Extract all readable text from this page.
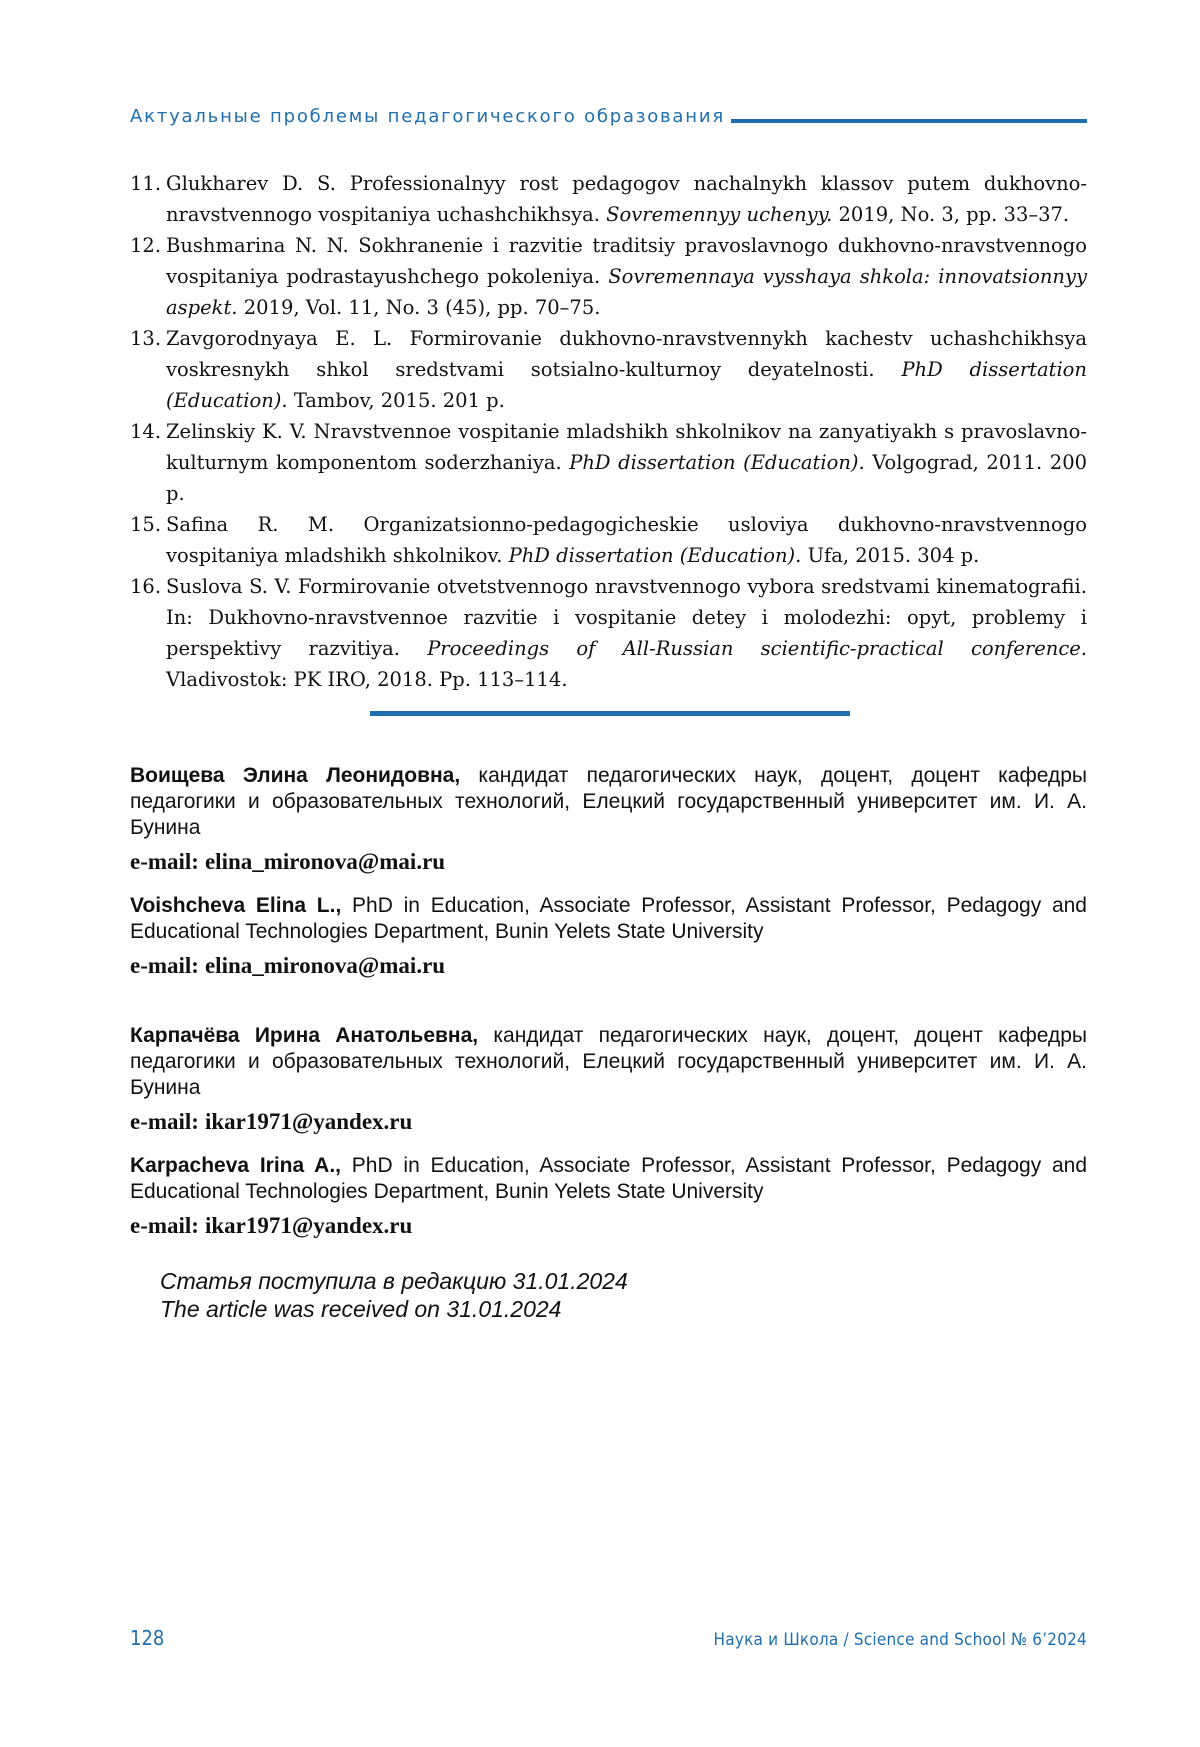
Актуальные проблемы педагогического образования
11. Glukharev D. S. Professionalnyy rost pedagogov nachalnykh klassov putem dukhovno-nravstvennogo vospitaniya uchashchikhsya. Sovremennyy uchenyy. 2019, No. 3, pp. 33–37.
12. Bushmarina N. N. Sokhranenie i razvitie traditsiy pravoslavnogo dukhovno-nravstvennogo vospitaniya podrastayushchego pokoleniya. Sovremennaya vysshaya shkola: innovatsionnyy aspekt. 2019, Vol. 11, No. 3 (45), pp. 70–75.
13. Zavgorodnyaya E. L. Formirovanie dukhovno-nravstvennykh kachestv uchashchikhsya voskresnykh shkol sredstvami sotsialno-kulturnoy deyatelnosti. PhD dissertation (Education). Tambov, 2015. 201 p.
14. Zelinskiy K. V. Nravstvennoe vospitanie mladshikh shkolnikov na zanyatiyakh s pravoslavno-kulturnym komponentom soderzhaniya. PhD dissertation (Education). Volgograd, 2011. 200 p.
15. Safina R. M. Organizatsionno-pedagogicheskie usloviya dukhovno-nravstvennogo vospitaniya mladshikh shkolnikov. PhD dissertation (Education). Ufa, 2015. 304 p.
16. Suslova S. V. Formirovanie otvetstvennogo nravstvennogo vybora sredstvami kinematografii. In: Dukhovno-nravstvennoe razvitie i vospitanie detey i molodezhi: opyt, problemy i perspektivy razvitiya. Proceedings of All-Russian scientific-practical conference. Vladivostok: PK IRO, 2018. Pp. 113–114.

Воищева Элина Леонидовна, кандидат педагогических наук, доцент, доцент кафедры педагогики и образовательных технологий, Елецкий государственный университет им. И. А. Бунина

e-mail: elina_mironova@mai.ru

Voishcheva Elina L., PhD in Education, Associate Professor, Assistant Professor, Pedagogy and Educational Technologies Department, Bunin Yelets State University

e-mail: elina_mironova@mai.ru

Карпачёва Ирина Анатольевна, кандидат педагогических наук, доцент, доцент кафедры педагогики и образовательных технологий, Елецкий государственный университет им. И. А. Бунина

e-mail: ikar1971@yandex.ru

Karpacheva Irina A., PhD in Education, Associate Professor, Assistant Professor, Pedagogy and Educational Technologies Department, Bunin Yelets State University

e-mail: ikar1971@yandex.ru
Статья поступила в редакцию 31.01.2024
The article was received on 31.01.2024
128	Наука и Школа / Science and School № 6’2024
